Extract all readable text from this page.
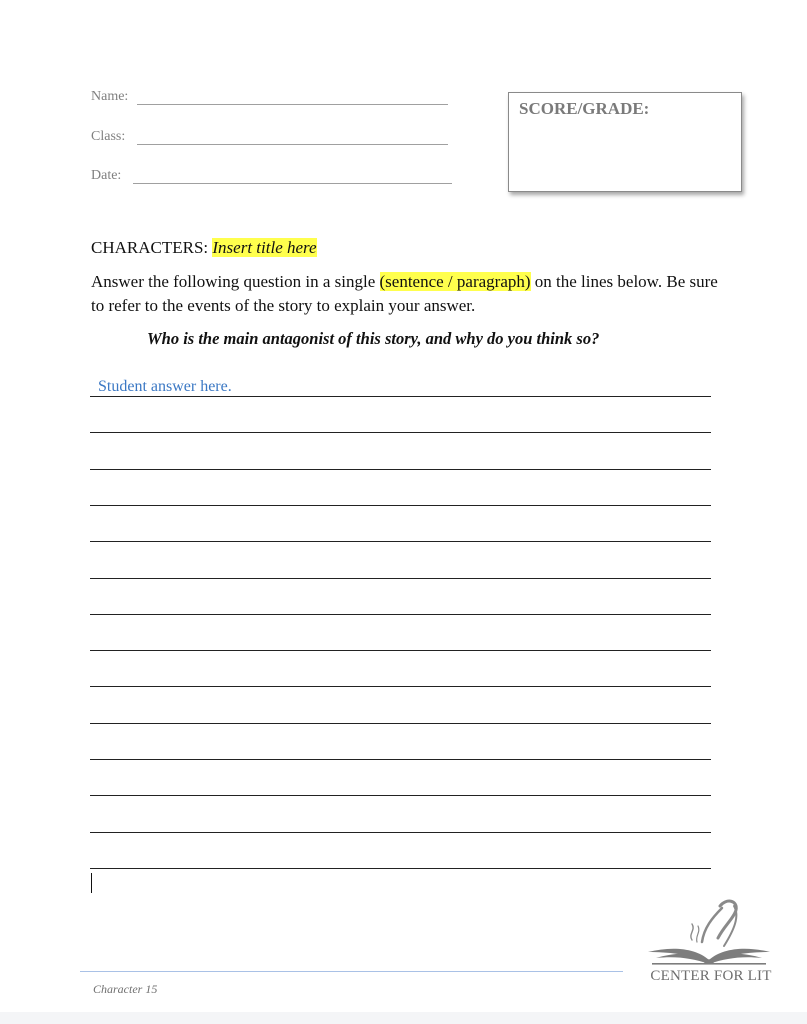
Name:
Class:
Date:
SCORE/GRADE:
CHARACTERS: Insert title here
Answer the following question in a single (sentence / paragraph) on the lines below. Be sure to refer to the events of the story to explain your answer.
Who is the main antagonist of this story, and why do you think so?
Student answer here.
Character 15
CENTER FOR LIT
